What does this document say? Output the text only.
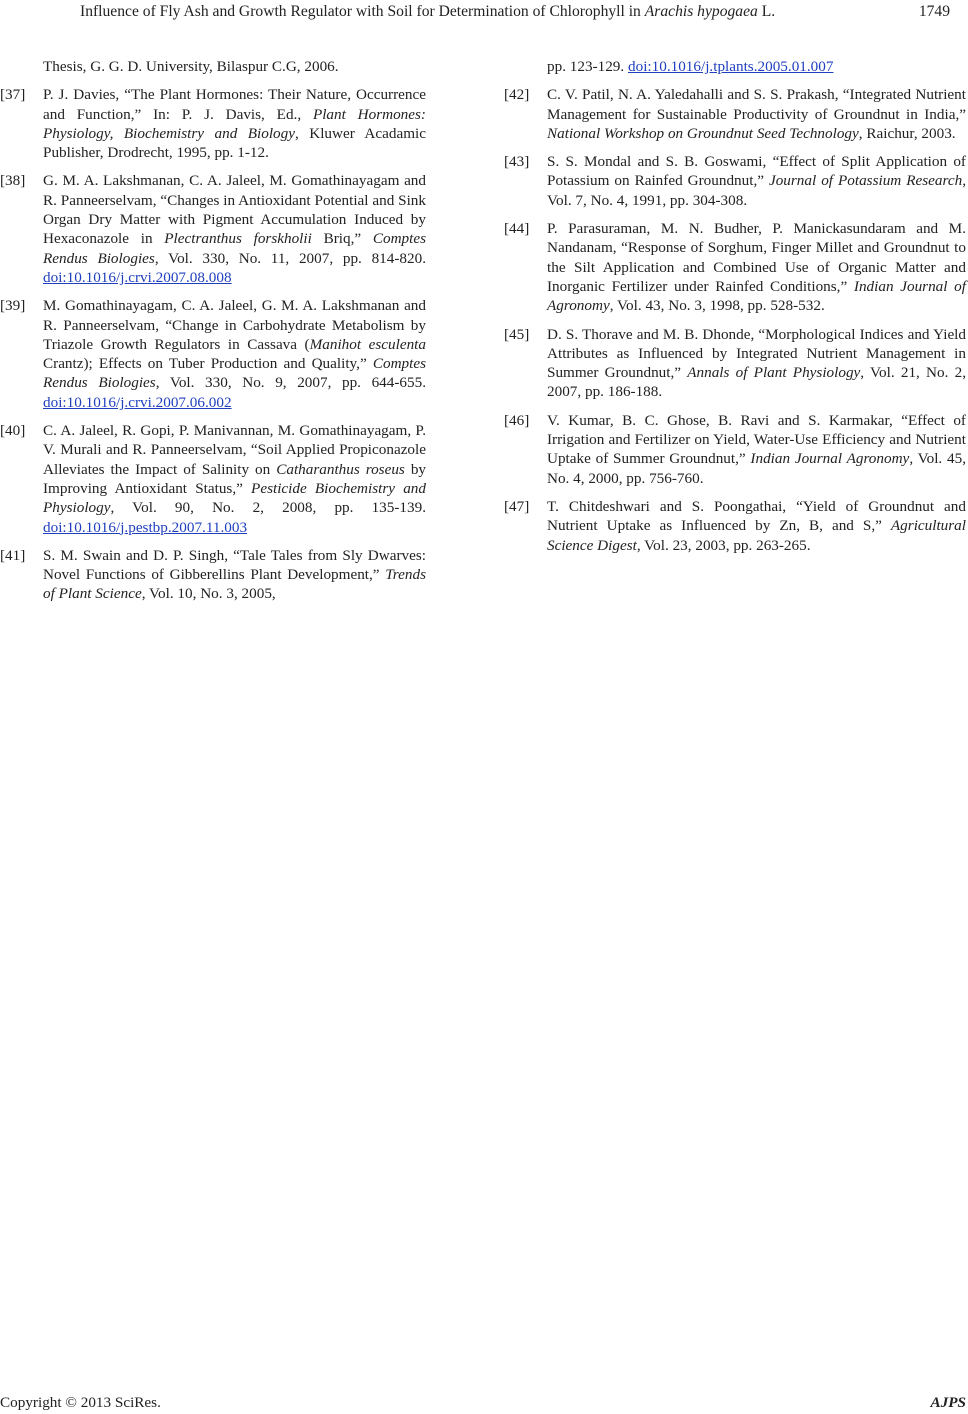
Influence of Fly Ash and Growth Regulator with Soil for Determination of Chlorophyll in Arachis hypogaea L.	1749
Thesis, G. G. D. University, Bilaspur C.G, 2006.
[37] P. J. Davies, “The Plant Hormones: Their Nature, Occurrence and Function,” In: P. J. Davis, Ed., Plant Hormones: Physiology, Biochemistry and Biology, Kluwer Acadamic Publisher, Drodrecht, 1995, pp. 1-12.
[38] G. M. A. Lakshmanan, C. A. Jaleel, M. Gomathinayagam and R. Panneerselvam, “Changes in Antioxidant Potential and Sink Organ Dry Matter with Pigment Accumulation Induced by Hexaconazole in Plectranthus forskholii Briq,” Comptes Rendus Biologies, Vol. 330, No. 11, 2007, pp. 814-820. doi:10.1016/j.crvi.2007.08.008
[39] M. Gomathinayagam, C. A. Jaleel, G. M. A. Lakshmanan and R. Panneerselvam, “Change in Carbohydrate Metabolism by Triazole Growth Regulators in Cassava (Manihot esculenta Crantz); Effects on Tuber Production and Quality,” Comptes Rendus Biologies, Vol. 330, No. 9, 2007, pp. 644-655. doi:10.1016/j.crvi.2007.06.002
[40] C. A. Jaleel, R. Gopi, P. Manivannan, M. Gomathinayagam, P. V. Murali and R. Panneerselvam, “Soil Applied Propiconazole Alleviates the Impact of Salinity on Catharanthus roseus by Improving Antioxidant Status,” Pesticide Biochemistry and Physiology, Vol. 90, No. 2, 2008, pp. 135-139. doi:10.1016/j.pestbp.2007.11.003
[41] S. M. Swain and D. P. Singh, “Tale Tales from Sly Dwarves: Novel Functions of Gibberellins Plant Development,” Trends of Plant Science, Vol. 10, No. 3, 2005,
pp. 123-129. doi:10.1016/j.tplants.2005.01.007
[42] C. V. Patil, N. A. Yaledahalli and S. S. Prakash, “Integrated Nutrient Management for Sustainable Productivity of Groundnut in India,” National Workshop on Groundnut Seed Technology, Raichur, 2003.
[43] S. S. Mondal and S. B. Goswami, “Effect of Split Application of Potassium on Rainfed Groundnut,” Journal of Potassium Research, Vol. 7, No. 4, 1991, pp. 304-308.
[44] P. Parasuraman, M. N. Budher, P. Manickasundaram and M. Nandanam, “Response of Sorghum, Finger Millet and Groundnut to the Silt Application and Combined Use of Organic Matter and Inorganic Fertilizer under Rainfed Conditions,” Indian Journal of Agronomy, Vol. 43, No. 3, 1998, pp. 528-532.
[45] D. S. Thorave and M. B. Dhonde, “Morphological Indices and Yield Attributes as Influenced by Integrated Nutrient Management in Summer Groundnut,” Annals of Plant Physiology, Vol. 21, No. 2, 2007, pp. 186-188.
[46] V. Kumar, B. C. Ghose, B. Ravi and S. Karmakar, “Effect of Irrigation and Fertilizer on Yield, Water-Use Efficiency and Nutrient Uptake of Summer Groundnut,” Indian Journal Agronomy, Vol. 45, No. 4, 2000, pp. 756-760.
[47] T. Chitdeshwari and S. Poongathai, “Yield of Groundnut and Nutrient Uptake as Influenced by Zn, B, and S,” Agricultural Science Digest, Vol. 23, 2003, pp. 263-265.
Copyright © 2013 SciRes.	AJPS
